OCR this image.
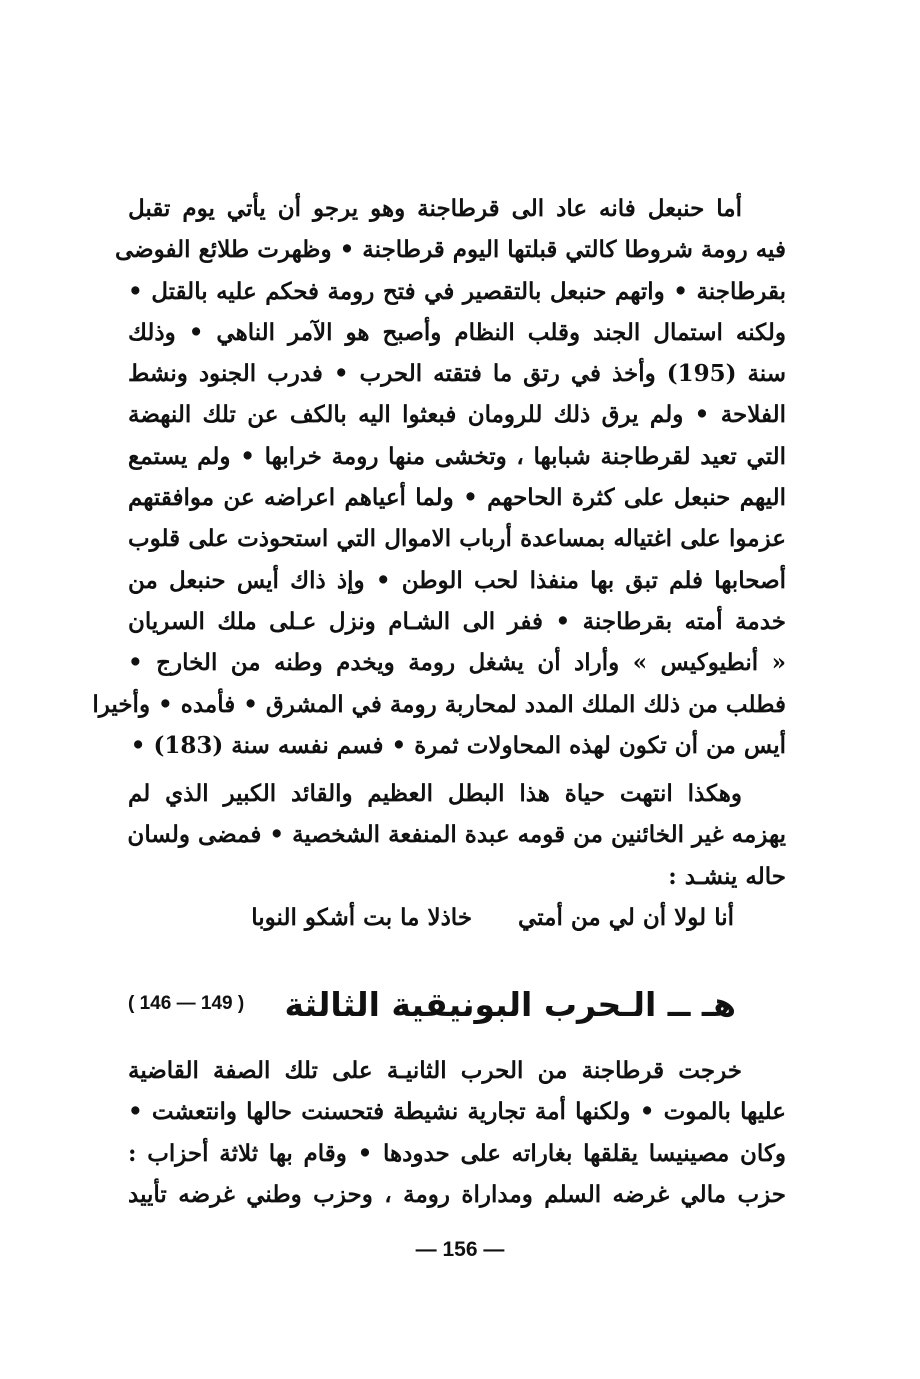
أما حنبعل فانه عاد الى قرطاجنة وهو يرجو أن يأتي يوم تقبل
فيه رومة شروطا كالتي قبلتها اليوم قرطاجنة • وظهرت طلائع الفوضى
بقرطاجنة • واتهم حنبعل بالتقصير في فتح رومة فحكم عليه بالقتل •
ولكنه استمال الجند وقلب النظام وأصبح هو الآمر الناهي • وذلك
سنة (195) وأخذ في رتق ما فتقته الحرب • فدرب الجنود ونشط
الفلاحة • ولم يرق ذلك للرومان فبعثوا اليه بالكف عن تلك النهضة
التي تعيد لقرطاجنة شبابها ، وتخشى منها رومة خرابها • ولم يستمع
اليهم حنبعل على كثرة الحاحهم • ولما أعياهم اعراضه عن موافقتهم
عزموا على اغتياله بمساعدة أرباب الاموال التي استحوذت على قلوب
أصحابها فلم تبق بها منفذا لحب الوطن • وإذ ذاك أيس حنبعل من
خدمة أمته بقرطاجنة • ففر الى الشـام ونزل عـلى ملك السريان
« أنطيوكيس » وأراد أن يشغل رومة ويخدم وطنه من الخارج •
فطلب من ذلك الملك المدد لمحاربة رومة في المشرق • فأمده • وأخيرا
أيس من أن تكون لهذه المحاولات ثمرة • فسم نفسه سنة (183) •

وهكذا انتهت حياة هذا البطل العظيم والقائد الكبير الذي لم
يهزمه غير الخائنين من قومه عبدة المنفعة الشخصية • فمضى ولسان
حاله ينشـد :

أنا لولا أن لي من أمتي
خاذلا ما بت أشكو النوبا
هـ ــ الـحرب البونيقية الثالثة
( 149 — 146 )

خرجت قرطاجنة من الحرب الثانيـة على تلك الصفة القاضية
عليها بالموت • ولكنها أمة تجارية نشيطة فتحسنت حالها وانتعشت •
وكان مصينيسا يقلقها بغاراته على حدودها • وقام بها ثلاثة أحزاب :
حزب مالي غرضه السلم ومداراة رومة ، وحزب وطني غرضه تأييد

— 156 —
